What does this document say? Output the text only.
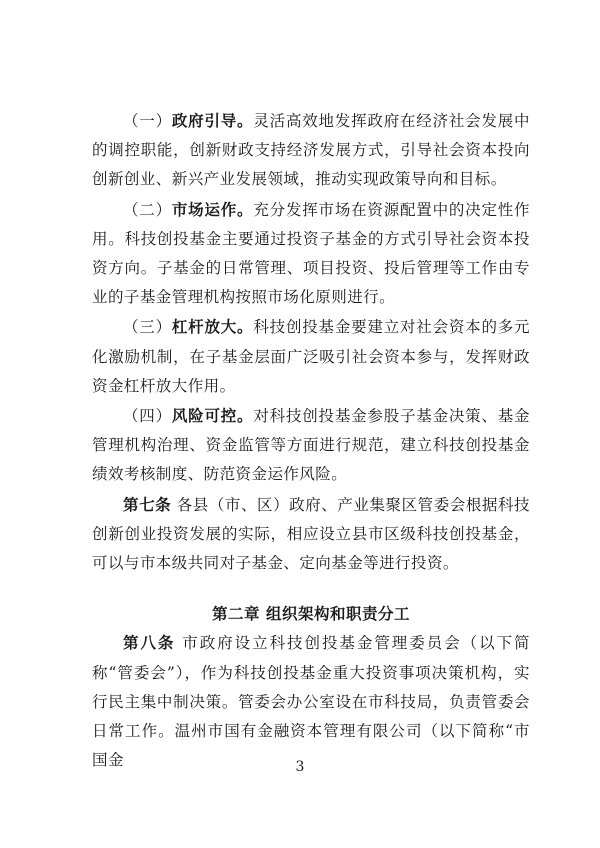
（一）政府引导。灵活高效地发挥政府在经济社会发展中的调控职能，创新财政支持经济发展方式，引导社会资本投向创新创业、新兴产业发展领域，推动实现政策导向和目标。

（二）市场运作。充分发挥市场在资源配置中的决定性作用。科技创投基金主要通过投资子基金的方式引导社会资本投资方向。子基金的日常管理、项目投资、投后管理等工作由专业的子基金管理机构按照市场化原则进行。

（三）杠杆放大。科技创投基金要建立对社会资本的多元化激励机制，在子基金层面广泛吸引社会资本参与，发挥财政资金杠杆放大作用。

（四）风险可控。对科技创投基金参股子基金决策、基金管理机构治理、资金监管等方面进行规范，建立科技创投基金绩效考核制度、防范资金运作风险。

第七条 各县（市、区）政府、产业集聚区管委会根据科技创新创业投资发展的实际，相应设立县市区级科技创投基金，可以与市本级共同对子基金、定向基金等进行投资。

第二章 组织架构和职责分工

第八条 市政府设立科技创投基金管理委员会（以下简称“管委会”），作为科技创投基金重大投资事项决策机构，实行民主集中制决策。管委会办公室设在市科技局，负责管委会日常工作。温州市国有金融资本管理有限公司（以下简称“市国金	3
